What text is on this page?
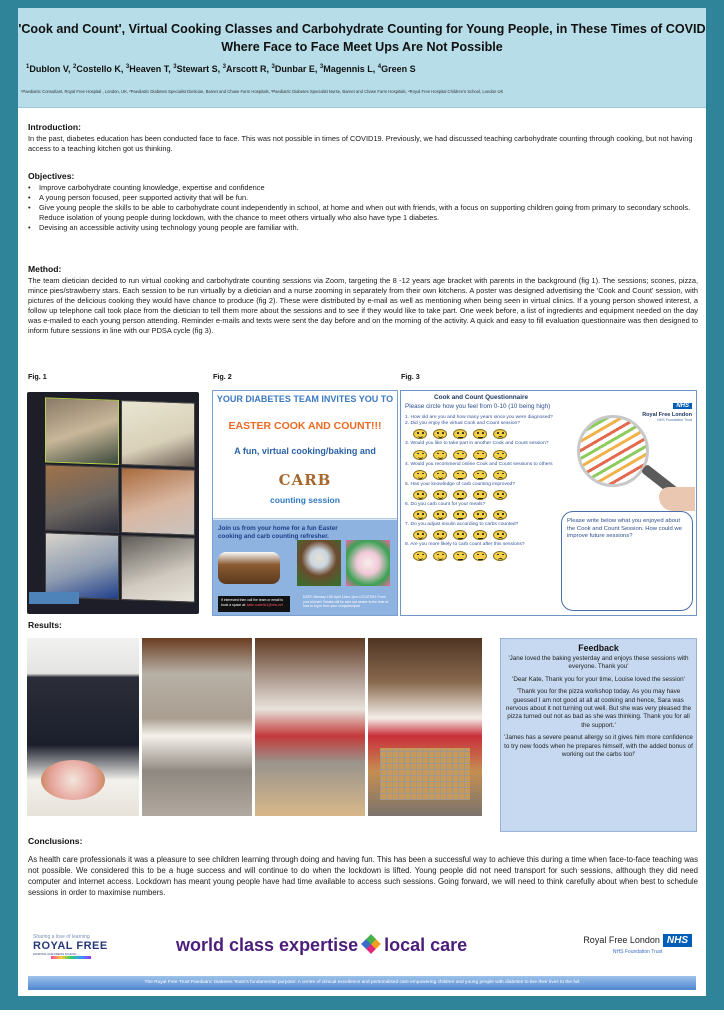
'Cook and Count', Virtual Cooking Classes and Carbohydrate Counting for Young People, in These Times of COVID
Where Face to Face Meet Ups Are Not Possible
$^1$Dublon V, $^2$Costello K, $^3$Heaven T, $^3$Stewart S, $^3$Arscott R, $^3$Dunbar E, $^3$Magennis L, $^4$Green S
¹Paediatric Consultant, Royal Free Hospital , London, UK, ²Paediatric Diabetes Specialist Dietician, Barnet and Chase Farm Hospitals, ³Paediatric Diabetes Specialist Nurse, Barnet and Chase Farm Hospitals, ⁴Royal Free Hospital Children's School, London UK
Introduction:

In the past, diabetes education has been conducted face to face. This was not possible in times of COVID19. Previously, we had discussed teaching carbohydrate counting through cooking, but not having access to a teaching kitchen got us thinking.

Objectives:
• Improve carbohydrate counting knowledge, expertise and confidence
• A young person focused, peer supported activity that will be fun.
• Give young people the skills to be able to carbohydrate count independently in school, at home and when out with friends, with a focus on supporting children going from primary to secondary schools. Reduce isolation of young people during lockdown, with the chance to meet others virtually who also have type 1 diabetes.
• Devising an accessible activity using technology young people are familiar with.
Method:

The team dietician decided to run virtual cooking and carbohydrate counting sessions via Zoom, targeting the 8 -12 years age bracket with parents in the background (fig 1). The sessions; scones, pizza, mince pies/strawberry stars. Each session to be run virtually by a dietician and a nurse zooming in separately from their own kitchens. A poster was designed advertising the 'Cook and Count' session, with pictures of the delicious cooking they would have chance to produce (fig 2). These were distributed by e-mail as well as mentioning when being seen in virtual clinics. If a young person showed interest, a follow up telephone call took place from the dietician to tell them more about the sessions and to see if they would like to take part. One week before, a list of ingredients and equipment needed on the day was e-mailed to each young person attending. Reminder e-mails and texts were sent the day before and on the morning of the activity. A quick and easy to fill evaluation questionnaire was then designed to inform future sessions in line with our PDSA cycle (fig 3).

Fig. 1	Fig. 2	Fig. 3
YOUR DIABETES TEAM INVITES YOU TO
EASTER COOK AND COUNT!!!
A fun, virtual cooking/baking and
CARB
counting session
Join us from your home for a fun Easter cooking and carb counting refresher.
If interested then call the team or email to book a space at: katie.costello1@nhs.net
DATE: Monday 12th April 11am-1pm LOCATION: From your kitchen! Details will be sent out nearer to the time of how to log in from your computer/ipad
Cook and Count Questionnaire
Please circle how you feel from 0-10 (10 being high)	NHS
Royal Free London
NHS Foundation Trust
1. How old are you and how many years since you were diagnosed?
2. Did you enjoy the virtual Cook and Count session?
3. Would you like to take part in another Cook and Count session?
4. Would you recommend online Cook and Count sessions to others
5. Has your knowledge of carb counting improved?
6. Do you carb count for your meals?
7. Do you adjust insulin according to carbs counted?
8. Are you more likely to carb count after this sessions?
Please write below what you enjoyed about the Cook and Count Session. How could we improve future sessions?
Results:
Feedback

'Jane loved the baking yesterday and enjoys these sessions with everyone. Thank you'

'Dear Kate, Thank you for your time, Louise loved the session'

'Thank you for the pizza workshop today. As you may have guessed I am not good at all at cooking and hence, Sara was nervous about it not turning out well. But she was very pleased the pizza turned out not as bad as she was thinking. Thank you for all the support.'

'James has a severe peanut allergy so it gives him more confidence to try new foods when he prepares himself, with the added bonus of working out the carbs too!'

Conclusions:

As health care professionals it was a pleasure to see children learning through doing and having fun. This has been a successful way to achieve this during a time when face-to-face teaching was not possible. We considered this to be a huge success and will continue to do when the lockdown is lifted. Young people did not need transport for such sessions, although they did need computer and internet access. Lockdown has meant young people have had time available to access such sessions. Going forward, we will need to think carefully about when best to schedule sessions in order to maximise numbers.

Sharing a love of learning
ROYAL FREE
HOSPITAL CHILDREN'S SCHOOL	world class expertise local care	Royal Free London NHS
NHS Foundation Trust
The Royal Free Trust Paediatric Diabetes Team's fundamental purpose: A centre of clinical excellence and personalised care empowering children and young people with diabetes to live their lives to the full
